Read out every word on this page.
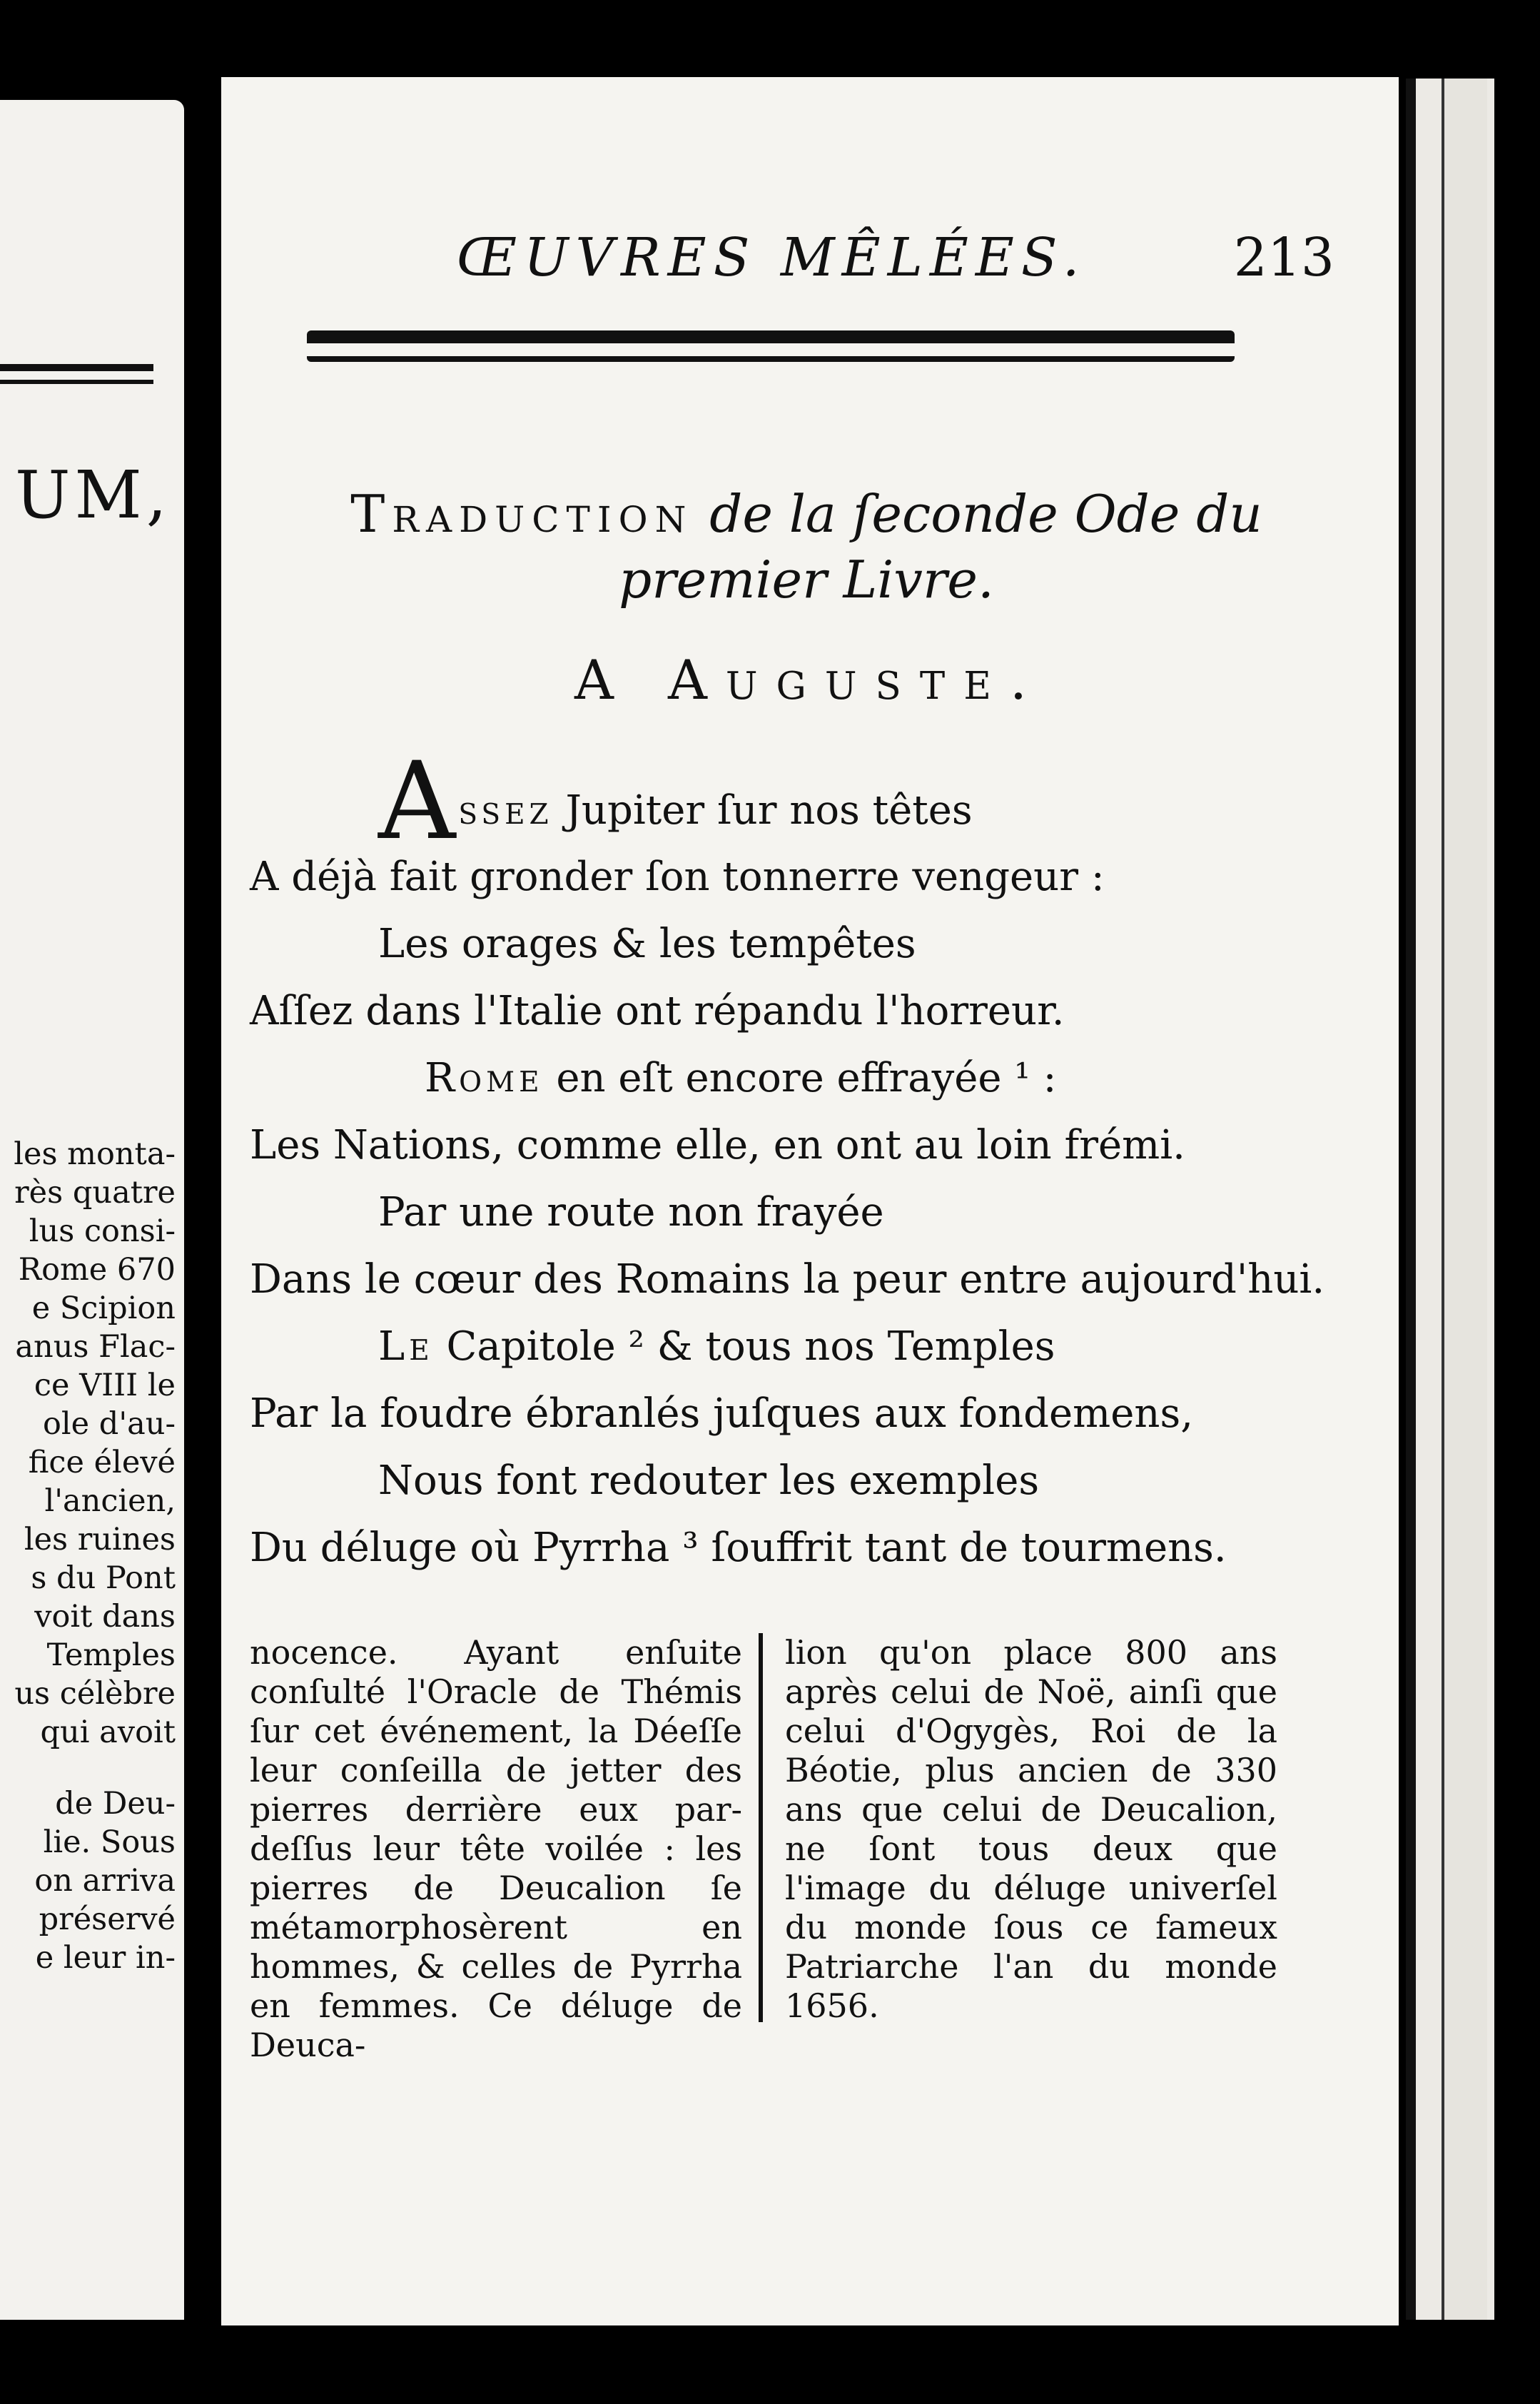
UM,
les monta-
rès quatre
lus consi-
Rome 670
e Scipion
anus Flac-
ce VIII le
ole d'au-
fice élevé
l'ancien,
les ruines
s du Pont
voit dans
Temples
us célèbre
qui avoit
de Deu-
lie. Sous
on arriva
préservé
e leur in-
ŒUVRES MÊLÉES.	213
Traduction de la ſeconde Ode du
premier Livre.
A Auguste.
Assez Jupiter ſur nos têtes
A déjà fait gronder ſon tonnerre vengeur :
Les orages & les tempêtes
Aſſez dans l'Italie ont répandu l'horreur.
Rome en eſt encore effrayée ¹ :
Les Nations, comme elle, en ont au loin frémi.
Par une route non frayée
Dans le cœur des Romains la peur entre aujourd'hui.
Le Capitole ² & tous nos Temples
Par la foudre ébranlés juſques aux fondemens,
Nous font redouter les exemples
Du déluge où Pyrrha ³ ſouffrit tant de tourmens.
nocence. Ayant enſuite conſulté l'Oracle de Thémis ſur cet événement, la Déeſſe leur conſeilla de jetter des pierres derrière eux par-deſſus leur tête voilée : les pierres de Deucalion ſe métamorphosèrent en hommes, & celles de Pyrrha en femmes. Ce déluge de Deuca-
lion qu'on place 800 ans après celui de Noë, ainſi que celui d'Ogygès, Roi de la Béotie, plus ancien de 330 ans que celui de Deucalion, ne ſont tous deux que l'image du déluge univerſel du monde ſous ce fameux Patriarche l'an du monde 1656.
